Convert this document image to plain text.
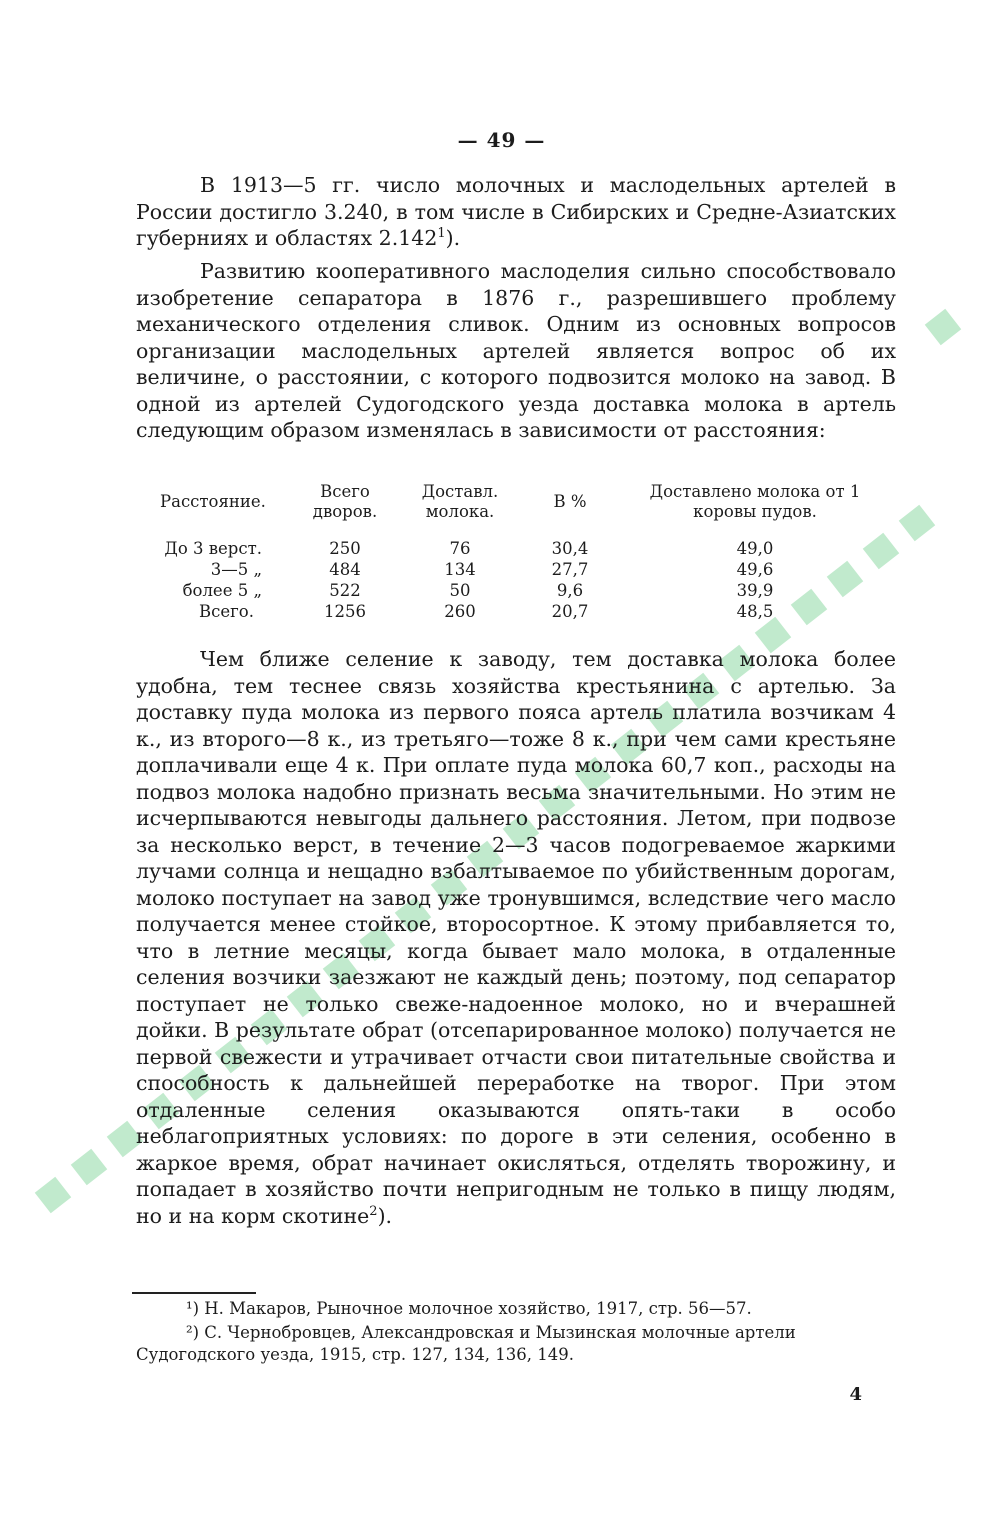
— 49 —

В 1913—5 гг. число молочных и маслодельных артелей в России достигло 3.240, в том числе в Сибирских и Средне-Азиатских губерниях и областях 2.142$^1$).

Развитию кооперативного маслоделия сильно способствовало изобретение сепаратора в 1876 г., разрешившего проблему механического отделения сливок. Одним из основных вопросов организации маслодельных артелей является вопрос об их величине, о расстоянии, с которого подвозится молоко на завод. В одной из артелей Судогодского уезда доставка молока в артель следующим образом изменялась в зависимости от расстояния:

Расстояние.	Всего дворов.	Доставл. молока.	В %	Доставлено молока от 1 коровы пудов.

До 3 верст.	250	76	30,4	49,0
3—5 „	484	134	27,7	49,6
более 5 „	522	50	9,6	39,9
Всего.	1256	260	20,7	48,5

Чем ближе селение к заводу, тем доставка молока более удобна, тем теснее связь хозяйства крестьянина с артелью. За доставку пуда молока из первого пояса артель платила возчикам 4 к., из второго—8 к., из третьяго—тоже 8 к., при чем сами крестьяне доплачивали еще 4 к. При оплате пуда молока 60,7 коп., расходы на подвоз молока надобно признать весьма значительными. Но этим не исчерпываются невыгоды дальнего расстояния. Летом, при подвозе за несколько верст, в течение 2—3 часов подогреваемое жаркими лучами солнца и нещадно взбалтываемое по убийственным дорогам, молоко поступает на завод уже тронувшимся, вследствие чего масло получается менее стойкое, второсортное. К этому прибавляется то, что в летние месяцы, когда бывает мало молока, в отдаленные селения возчики заезжают не каждый день; поэтому, под сепаратор поступает не только свеже-надоенное молоко, но и вчерашней дойки. В результате обрат (отсепарированное молоко) получается не первой свежести и утрачивает отчасти свои питательные свойства и способность к дальнейшей переработке на творог. При этом отдаленные селения оказываются опять-таки в особо неблагоприятных условиях: по дороге в эти селения, особенно в жаркое время, обрат начинает окисляться, отделять творожину, и попадает в хозяйство почти непригодным не только в пищу людям, но и на корм скотине$^2$).

¹) Н. Макаров, Рыночное молочное хозяйство, 1917, стр. 56—57.

²) С. Чернобровцев, Александровская и Мызинская молочные артели Судогодского уезда, 1915, стр. 127, 134, 136, 149.

4
